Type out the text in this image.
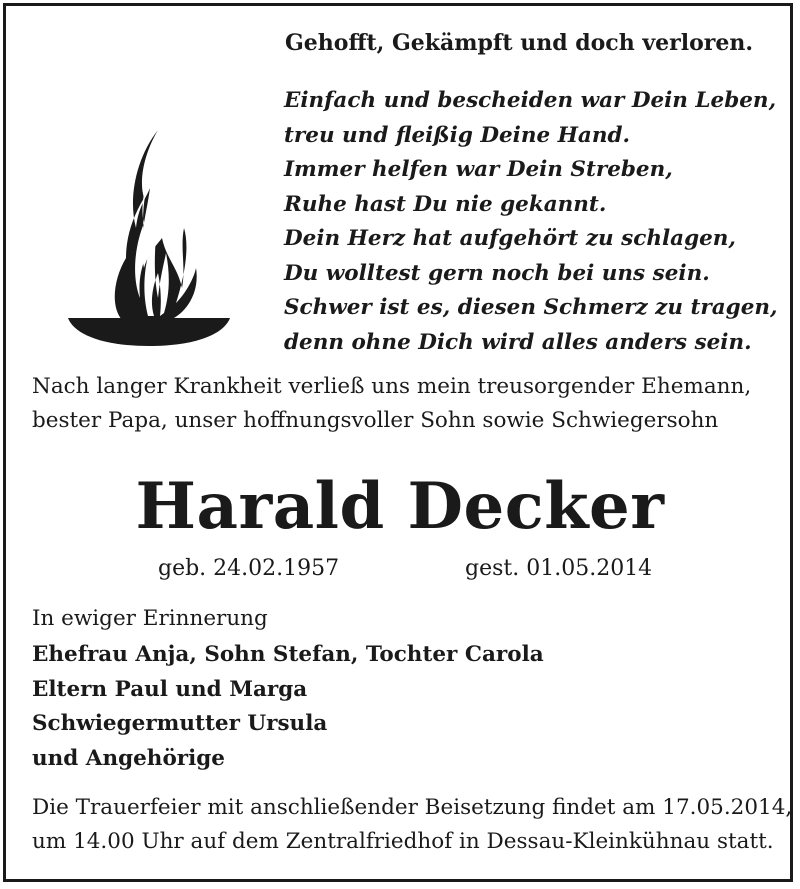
Gehofft, Gekämpft und doch verloren.

Einfach und bescheiden war Dein Leben,
treu und fleißig Deine Hand.
Immer helfen war Dein Streben,
Ruhe hast Du nie gekannt.
Dein Herz hat aufgehört zu schlagen,
Du wolltest gern noch bei uns sein.
Schwer ist es, diesen Schmerz zu tragen,
denn ohne Dich wird alles anders sein.

Nach langer Krankheit verließ uns mein treusorgender Ehemann,
bester Papa, unser hoffnungsvoller Sohn sowie Schwiegersohn

Harald Decker

geb. 24.02.1957	gest. 01.05.2014

In ewiger Erinnerung

Ehefrau Anja, Sohn Stefan, Tochter Carola
Eltern Paul und Marga
Schwiegermutter Ursula
und Angehörige

Die Trauerfeier mit anschließender Beisetzung findet am 17.05.2014,
um 14.00 Uhr auf dem Zentralfriedhof in Dessau-Kleinkühnau statt.
